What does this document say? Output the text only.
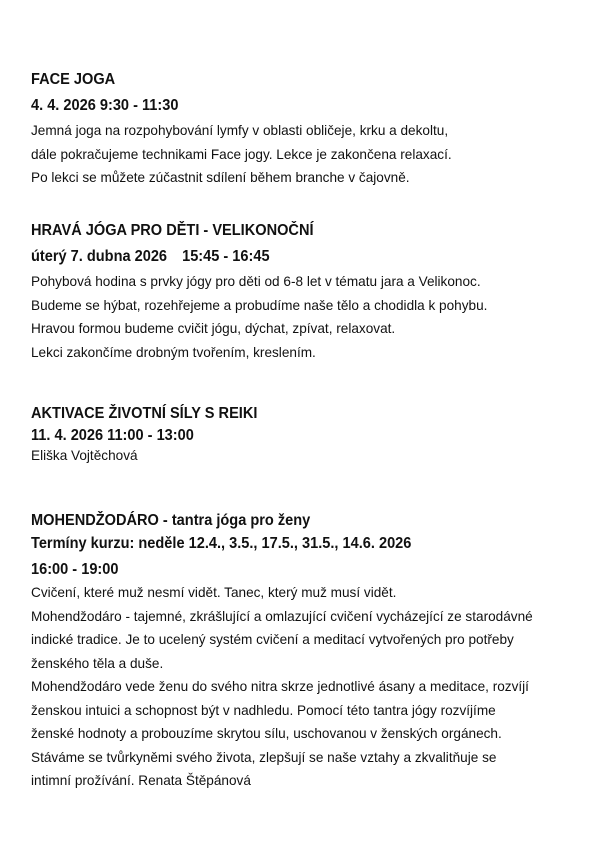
FACE JOGA

4. 4. 2026 9:30 - 11:30

Jemná joga na rozpohybování lymfy v oblasti obličeje, krku a dekoltu,

dále pokračujeme technikami Face jogy. Lekce je zakončena relaxací.

Po lekci se můžete zúčastnit sdílení během branche v čajovně.

HRAVÁ JÓGA PRO DĚTI - VELIKONOČNÍ

úterý 7. dubna 2026 15:45 - 16:45

Pohybová hodina s prvky jógy pro děti od 6-8 let v tématu jara a Velikonoc.

Budeme se hýbat, rozehřejeme a probudíme naše tělo a chodidla k pohybu.

Hravou formou budeme cvičit jógu, dýchat, zpívat, relaxovat.

Lekci zakončíme drobným tvořením, kreslením.

AKTIVACE ŽIVOTNÍ SÍLY S REIKI

11. 4. 2026 11:00 - 13:00

Eliška Vojtěchová

MOHENDŽODÁRO - tantra jóga pro ženy

Termíny kurzu: neděle 12.4., 3.5., 17.5., 31.5., 14.6. 2026

16:00 - 19:00

Cvičení, které muž nesmí vidět. Tanec, který muž musí vidět.

Mohendžodáro - tajemné, zkrášlující a omlazující cvičení vycházející ze starodávné

indické tradice. Je to ucelený systém cvičení a meditací vytvořených pro potřeby

ženského těla a duše.

Mohendžodáro vede ženu do svého nitra skrze jednotlivé ásany a meditace, rozvíjí

ženskou intuici a schopnost být v nadhledu. Pomocí této tantra jógy rozvíjíme

ženské hodnoty a probouzíme skrytou sílu, uschovanou v ženských orgánech.

Stáváme se tvůrkyněmi svého života, zlepšují se naše vztahy a zkvalitňuje se

intimní prožívání. Renata Štěpánová
